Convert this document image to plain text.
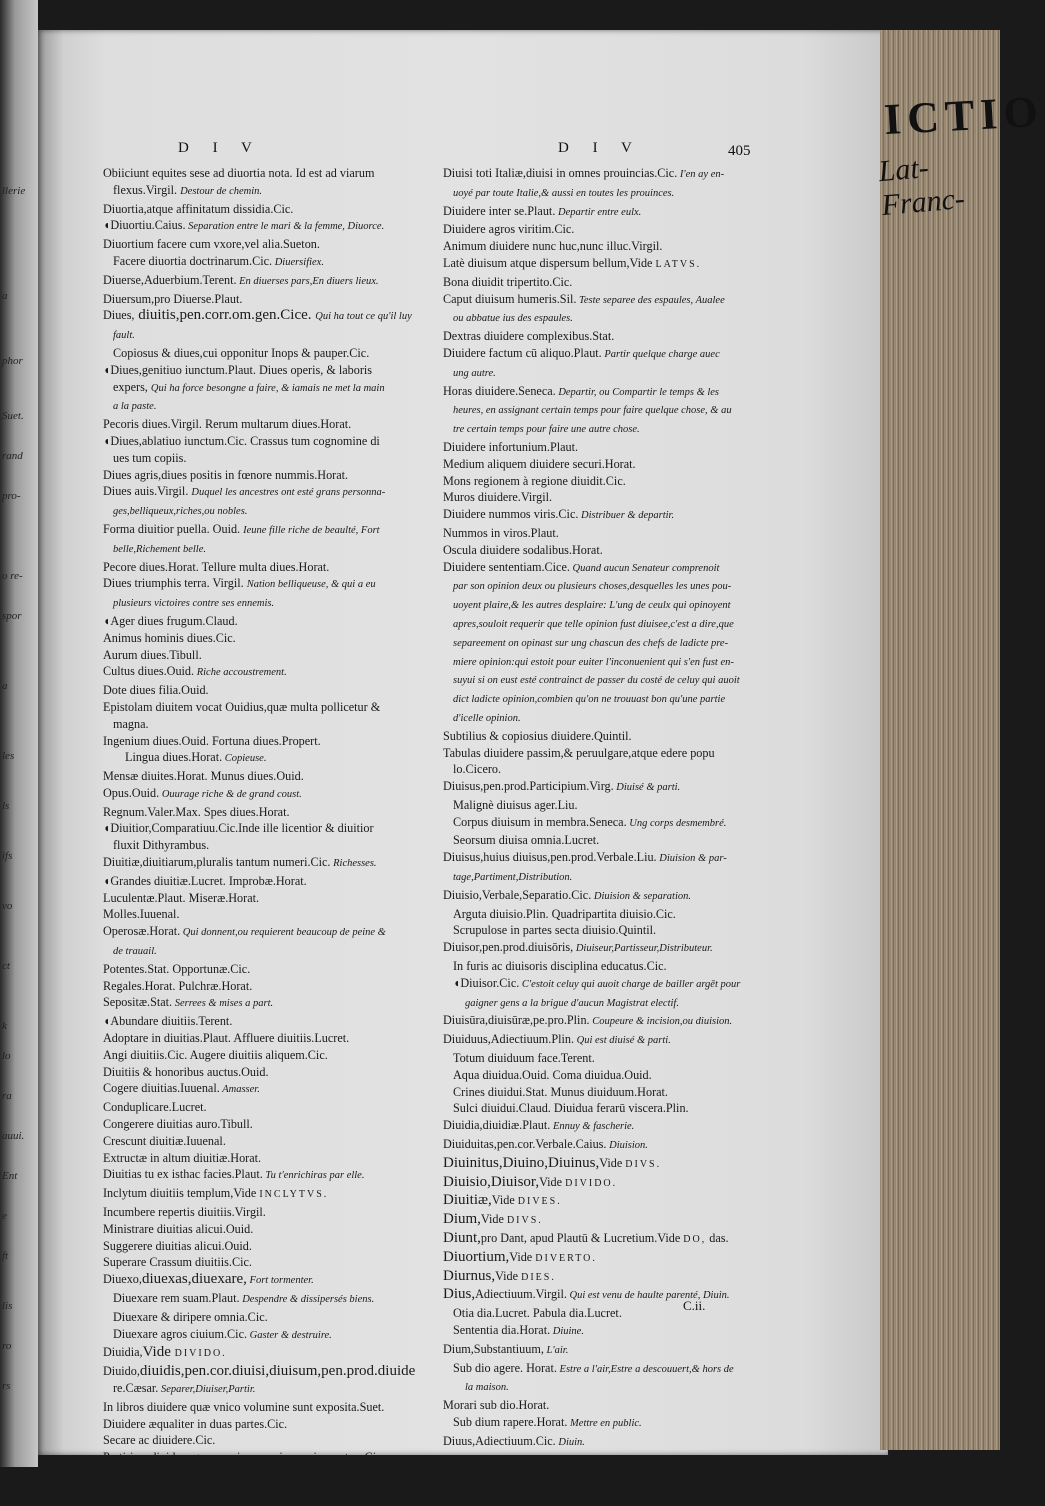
llerie
a
phor
Suet.
rand
pro-
o re-
spor
a
les
ls
ifs
vo
ct
k
lo
ra
auui.
Ent
e
ft
lis
ro
rs
D I V	D I V	405
Obiiciunt equites sese ad diuortia nota. Id est ad viarum
flexus.Virgil. Destour de chemin.
Diuortia,atque affinitatum dissidia.Cic.
◖Diuortiu.Caius. Separation entre le mari & la femme, Diuorce.
Diuortium facere cum vxore,vel alia.Sueton.
Facere diuortia doctrinarum.Cic. Diuersifiex.
Diuerse,Aduerbium.Terent. En diuerses pars,En diuers lieux.
Diuersum,pro Diuerse.Plaut.
Diues, diuitis,pen.corr.om.gen.Cice. Qui ha tout ce qu'il luy
fault.
Copiosus & diues,cui opponitur Inops & pauper.Cic.
◖Diues,genitiuo iunctum.Plaut. Diues operis, & laboris
expers, Qui ha force besongne a faire, & iamais ne met la main
a la paste.
Pecoris diues.Virgil. Rerum multarum diues.Horat.
◖Diues,ablatiuo iunctum.Cic. Crassus tum cognomine di
ues tum copiis.
Diues agris,diues positis in fœnore nummis.Horat.
Diues auis.Virgil. Duquel les ancestres ont esté grans personna-
ges,belliqueux,riches,ou nobles.
Forma diuitior puella. Ouid. Ieune fille riche de beaulté, Fort
belle,Richement belle.
Pecore diues.Horat. Tellure multa diues.Horat.
Diues triumphis terra. Virgil. Nation belliqueuse, & qui a eu
plusieurs victoires contre ses ennemis.
◖Ager diues frugum.Claud.
Animus hominis diues.Cic.
Aurum diues.Tibull.
Cultus diues.Ouid. Riche accoustrement.
Dote diues filia.Ouid.
Epistolam diuitem vocat Ouidius,quæ multa pollicetur &
magna.
Ingenium diues.Ouid. Fortuna diues.Propert.
Lingua diues.Horat. Copieuse.
Mensæ diuites.Horat. Munus diues.Ouid.
Opus.Ouid. Ouurage riche & de grand coust.
Regnum.Valer.Max. Spes diues.Horat.
◖Diuitior,Comparatiuu.Cic.Inde ille licentior & diuitior
fluxit Dithyrambus.
Diuitiæ,diuitiarum,pluralis tantum numeri.Cic. Richesses.
◖Grandes diuitiæ.Lucret. Improbæ.Horat.
Luculentæ.Plaut. Miseræ.Horat.
Molles.Iuuenal.
Operosæ.Horat. Qui donnent,ou requierent beaucoup de peine &
de trauail.
Potentes.Stat. Opportunæ.Cic.
Regales.Horat. Pulchræ.Horat.
Sepositæ.Stat. Serrees & mises a part.
◖Abundare diuitiis.Terent.
Adoptare in diuitias.Plaut. Affluere diuitiis.Lucret.
Angi diuitiis.Cic. Augere diuitiis aliquem.Cic.
Diuitiis & honoribus auctus.Ouid.
Cogere diuitias.Iuuenal. Amasser.
Conduplicare.Lucret.
Congerere diuitias auro.Tibull.
Crescunt diuitiæ.Iuuenal.
Extructæ in altum diuitiæ.Horat.
Diuitias tu ex isthac facies.Plaut. Tu t'enrichiras par elle.
Inclytum diuitiis templum,Vide INCLYTVS.
Incumbere repertis diuitiis.Virgil.
Ministrare diuitias alicui.Ouid.
Suggerere diuitias alicui.Ouid.
Superare Crassum diuitiis.Cic.
Diuexo,diuexas,diuexare, Fort tormenter.
Diuexare rem suam.Plaut. Despendre & dissipersés biens.
Diuexare & diripere omnia.Cic.
Diuexare agros ciuium.Cic. Gaster & destruire.
Diuidia,Vide DIVIDO.
Diuido,diuidis,pen.cor.diuisi,diuisum,pen.prod.diuide
re.Cæsar. Separer,Diuiser,Partir.
In libros diuidere quæ vnico volumine sunt exposita.Suet.
Diuidere æqualiter in duas partes.Cic.
Secare ac diuidere.Cic.
Partiri ac diuidere genus vniuersum in species certas. Cic.
Diuidi passim & peruulgari.Cic.
Diuisi toti Italiæ,diuisi in omnes prouincias.Cic. I'en ay en-
uoyé par toute Italie,& aussi en toutes les prouinces.
Diuidere inter se.Plaut. Departir entre eulx.
Diuidere agros viritim.Cic.
Animum diuidere nunc huc,nunc illuc.Virgil.
Latè diuisum atque dispersum bellum,Vide LATVS.
Bona diuidit tripertito.Cic.
Caput diuisum humeris.Sil. Teste separee des espaules, Aualee
ou abbatue ius des espaules.
Dextras diuidere complexibus.Stat.
Diuidere factum cū aliquo.Plaut. Partir quelque charge auec
ung autre.
Horas diuidere.Seneca. Departir, ou Compartir le temps & les
heures, en assignant certain temps pour faire quelque chose, & au
tre certain temps pour faire une autre chose.
Diuidere infortunium.Plaut.
Medium aliquem diuidere securi.Horat.
Mons regionem à regione diuidit.Cic.
Muros diuidere.Virgil.
Diuidere nummos viris.Cic. Distribuer & departir.
Nummos in viros.Plaut.
Oscula diuidere sodalibus.Horat.
Diuidere sententiam.Cice. Quand aucun Senateur comprenoit
par son opinion deux ou plusieurs choses,desquelles les unes pou-
uoyent plaire,& les autres desplaire: L'ung de ceulx qui opinoyent
apres,souloit requerir que telle opinion fust diuisee,c'est a dire,que
separeement on opinast sur ung chascun des chefs de ladicte pre-
miere opinion:qui estoit pour euiter l'inconuenient qui s'en fust en-
suyui si on eust esté contrainct de passer du costé de celuy qui auoit
dict ladicte opinion,combien qu'on ne trouuast bon qu'une partie
d'icelle opinion.
Subtilius & copiosius diuidere.Quintil.
Tabulas diuidere passim,& peruulgare,atque edere popu
lo.Cicero.
Diuisus,pen.prod.Participium.Virg. Diuisé & parti.
Malignè diuisus ager.Liu.
Corpus diuisum in membra.Seneca. Ung corps desmembré.
Seorsum diuisa omnia.Lucret.
Diuisus,huius diuisus,pen.prod.Verbale.Liu. Diuision & par-
tage,Partiment,Distribution.
Diuisio,Verbale,Separatio.Cic. Diuision & separation.
Arguta diuisio.Plin. Quadripartita diuisio.Cic.
Scrupulose in partes secta diuisio.Quintil.
Diuisor,pen.prod.diuisōris, Diuiseur,Partisseur,Distributeur.
In furis ac diuisoris disciplina educatus.Cic.
◖Diuisor.Cic. C'estoit celuy qui auoit charge de bailler argēt pour
gaigner gens a la brigue d'aucun Magistrat electif.
Diuisūra,diuisūræ,pe.pro.Plin. Coupeure & incision,ou diuision.
Diuiduus,Adiectiuum.Plin. Qui est diuisé & parti.
Totum diuiduum face.Terent.
Aqua diuidua.Ouid. Coma diuidua.Ouid.
Crines diuidui.Stat. Munus diuiduum.Horat.
Sulci diuidui.Claud. Diuidua ferarū viscera.Plin.
Diuidia,diuidiæ.Plaut. Ennuy & fascherie.
Diuiduitas,pen.cor.Verbale.Caius. Diuision.
Diuinitus,Diuino,Diuinus,Vide DIVS.
Diuisio,Diuisor,Vide DIVIDO.
Diuitiæ,Vide DIVES.
Dium,Vide DIVS.
Diunt,pro Dant, apud Plautū & Lucretium.Vide DO, das.
Diuortium,Vide DIVERTO.
Diurnus,Vide DIES.
Dius,Adiectiuum.Virgil. Qui est venu de haulte parenté, Diuin.
Otia dia.Lucret. Pabula dia.Lucret.
Sententia dia.Horat. Diuine.
Dium,Substantiuum, L'air.
Sub dio agere. Horat. Estre a l'air,Estre a descouuert,& hors de
la maison.
Morari sub dio.Horat.
Sub dium rapere.Horat. Mettre en public.
Diuus,Adiectiuum.Cic. Diuin.
Diui.Cic. Ceulx que les payens estimoyent apres leur mort estre de-
uenuz dieux,comme Hercules,& autres.
Benigni diui.Horat. Immortales.Lucret.
C.ii.
ICTIO
Lat-Franc-
